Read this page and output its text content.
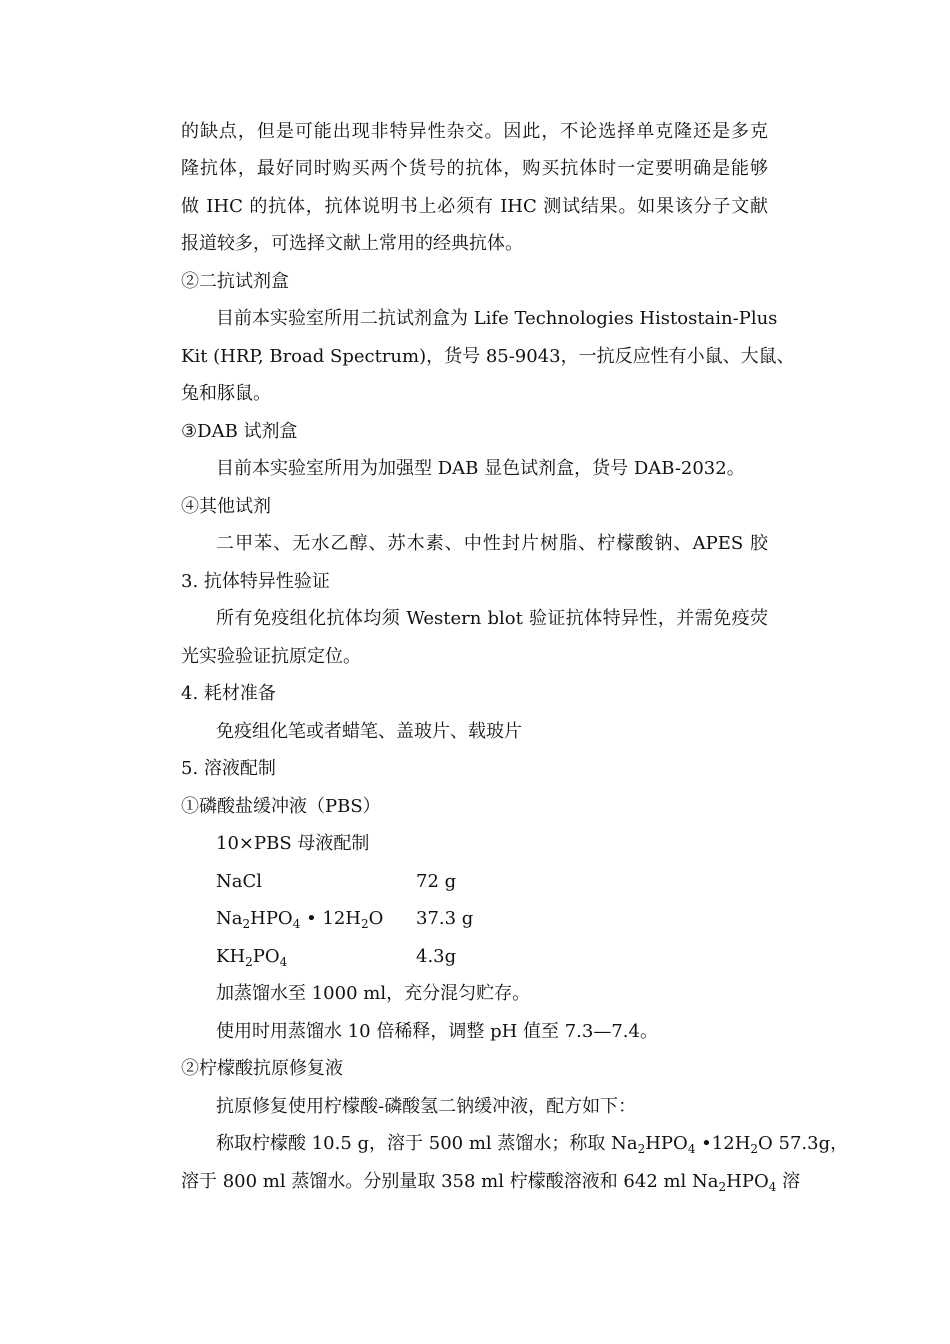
的缺点，但是可能出现非特异性杂交。因此，不论选择单克隆还是多克
隆抗体，最好同时购买两个货号的抗体，购买抗体时一定要明确是能够
做 IHC 的抗体，抗体说明书上必须有 IHC 测试结果。如果该分子文献
报道较多，可选择文献上常用的经典抗体。
②二抗试剂盒
目前本实验室所用二抗试剂盒为 Life Technologies Histostain-Plus
Kit (HRP, Broad Spectrum)，货号 85-9043，一抗反应性有小鼠、大鼠、
兔和豚鼠。
③DAB 试剂盒
目前本实验室所用为加强型 DAB 显色试剂盒，货号 DAB-2032。
④其他试剂
二甲苯、无水乙醇、苏木素、中性封片树脂、柠檬酸钠、APES 胶
3. 抗体特异性验证
所有免疫组化抗体均须 Western blot 验证抗体特异性，并需免疫荧
光实验验证抗原定位。
4. 耗材准备
免疫组化笔或者蜡笔、盖玻片、载玻片
5. 溶液配制
①磷酸盐缓冲液（PBS）
10×PBS 母液配制
NaCl	72 g
$Na_2HPO_4$ • $12H_2O$ 37.3 g
$KH_2PO_4$	4.3g
加蒸馏水至 1000 ml，充分混匀贮存。
使用时用蒸馏水 10 倍稀释，调整 pH 值至 7.3—7.4。
②柠檬酸抗原修复液
抗原修复使用柠檬酸-磷酸氢二钠缓冲液，配方如下：
称取柠檬酸 10.5 g，溶于 500 ml 蒸馏水；称取 $Na_2HPO_4$ $•12H_2O$ 57.3g，
溶于 800 ml 蒸馏水。分别量取 358 ml 柠檬酸溶液和 642 ml $Na_2HPO_4$ 溶
